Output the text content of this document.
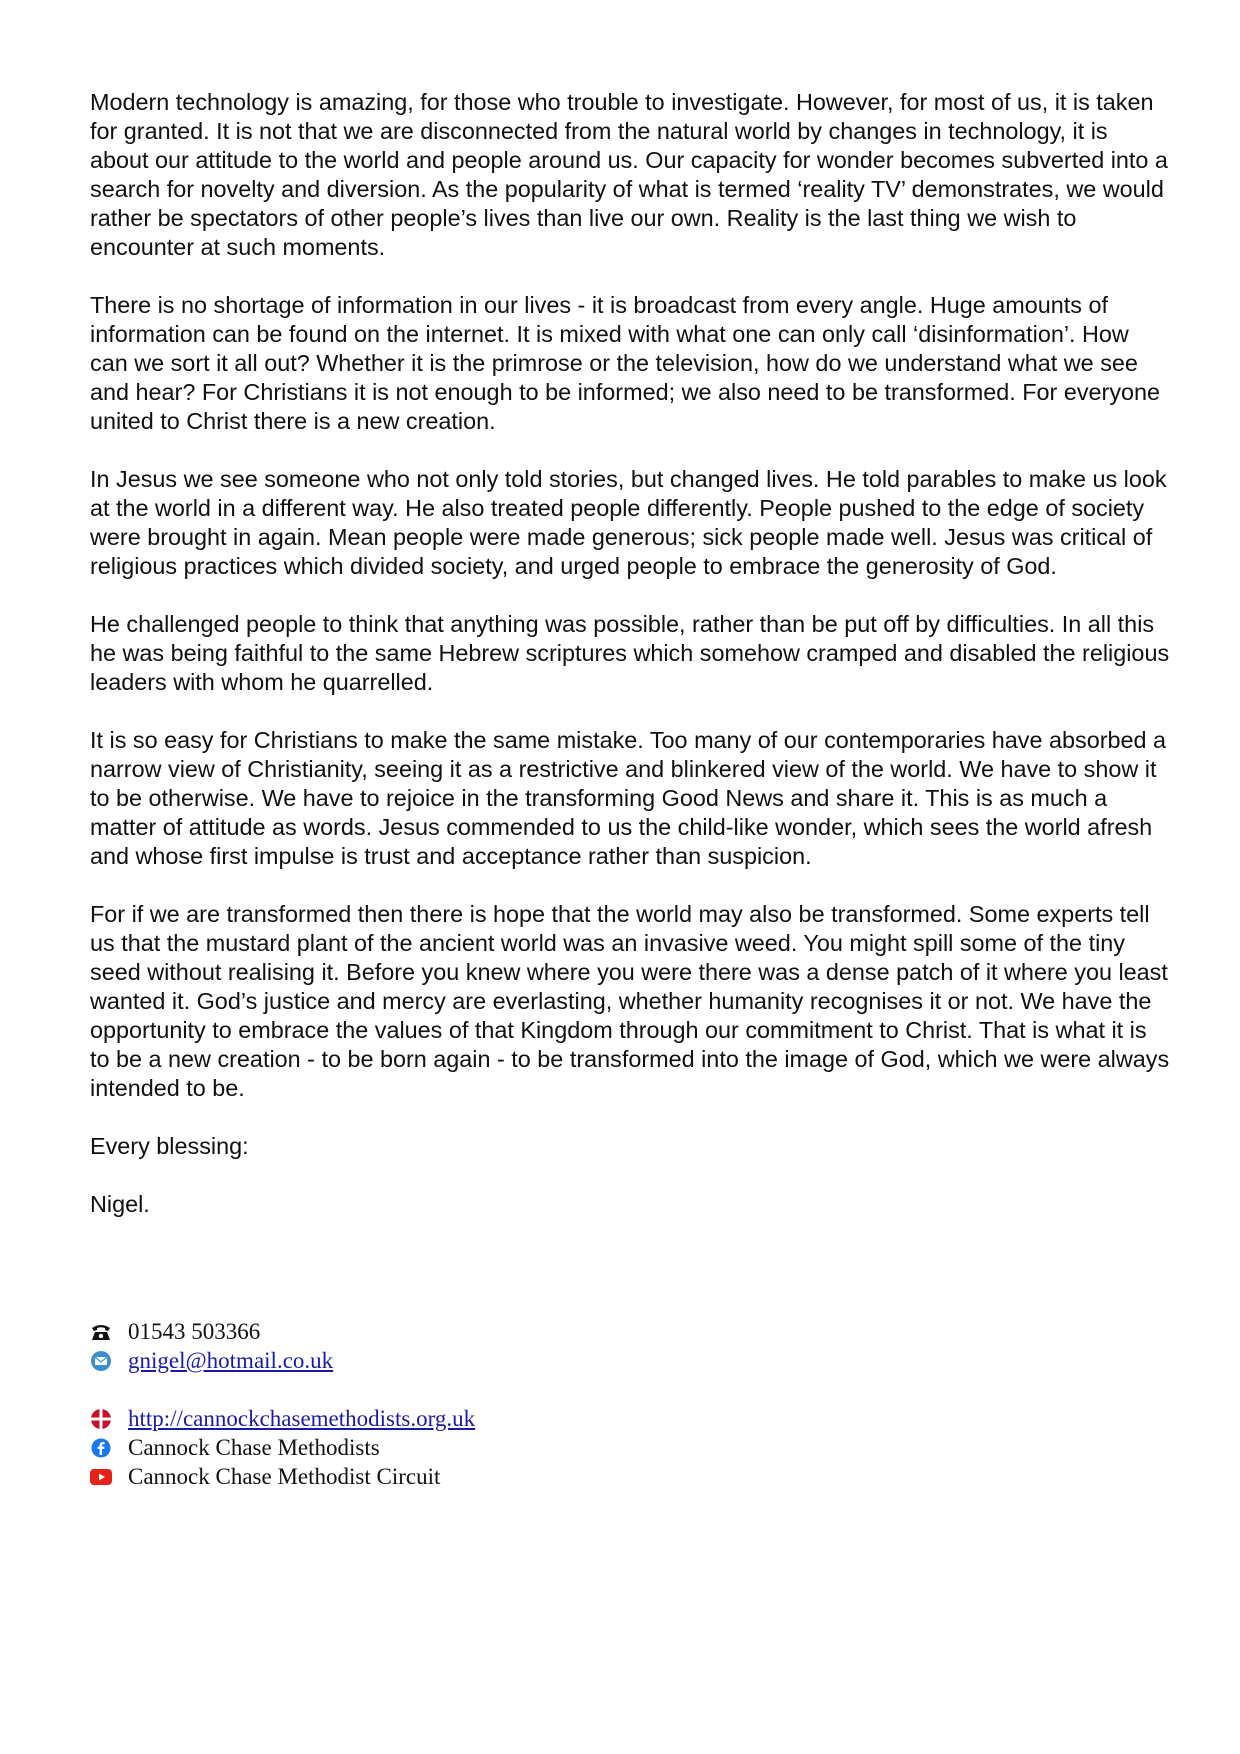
Modern technology is amazing, for those who trouble to investigate. However, for most of us, it is taken for granted. It is not that we are disconnected from the natural world by changes in technology, it is about our attitude to the world and people around us. Our capacity for wonder becomes subverted into a search for novelty and diversion. As the popularity of what is termed ‘reality TV’ demonstrates, we would rather be spectators of other people’s lives than live our own. Reality is the last thing we wish to encounter at such moments.

There is no shortage of information in our lives - it is broadcast from every angle. Huge amounts of information can be found on the internet. It is mixed with what one can only call ‘disinformation’. How can we sort it all out? Whether it is the primrose or the television, how do we understand what we see and hear? For Christians it is not enough to be informed; we also need to be transformed. For everyone united to Christ there is a new creation.

In Jesus we see someone who not only told stories, but changed lives. He told parables to make us look at the world in a different way. He also treated people differently. People pushed to the edge of society were brought in again. Mean people were made generous; sick people made well. Jesus was critical of religious practices which divided society, and urged people to embrace the generosity of God.

He challenged people to think that anything was possible, rather than be put off by difficulties. In all this he was being faithful to the same Hebrew scriptures which somehow cramped and disabled the religious leaders with whom he quarrelled.

It is so easy for Christians to make the same mistake. Too many of our contemporaries have absorbed a narrow view of Christianity, seeing it as a restrictive and blinkered view of the world. We have to show it to be otherwise. We have to rejoice in the transforming Good News and share it. This is as much a matter of attitude as words. Jesus commended to us the child-like wonder, which sees the world afresh and whose first impulse is trust and acceptance rather than suspicion.

For if we are transformed then there is hope that the world may also be transformed. Some experts tell us that the mustard plant of the ancient world was an invasive weed. You might spill some of the tiny seed without realising it. Before you knew where you were there was a dense patch of it where you least wanted it. God’s justice and mercy are everlasting, whether humanity recognises it or not. We have the opportunity to embrace the values of that Kingdom through our commitment to Christ. That is what it is to be a new creation - to be born again - to be transformed into the image of God, which we were always intended to be.

Every blessing:

Nigel.

01543 503366
gnigel@hotmail.co.uk
http://cannockchasemethodists.org.uk
Cannock Chase Methodists
Cannock Chase Methodist Circuit
